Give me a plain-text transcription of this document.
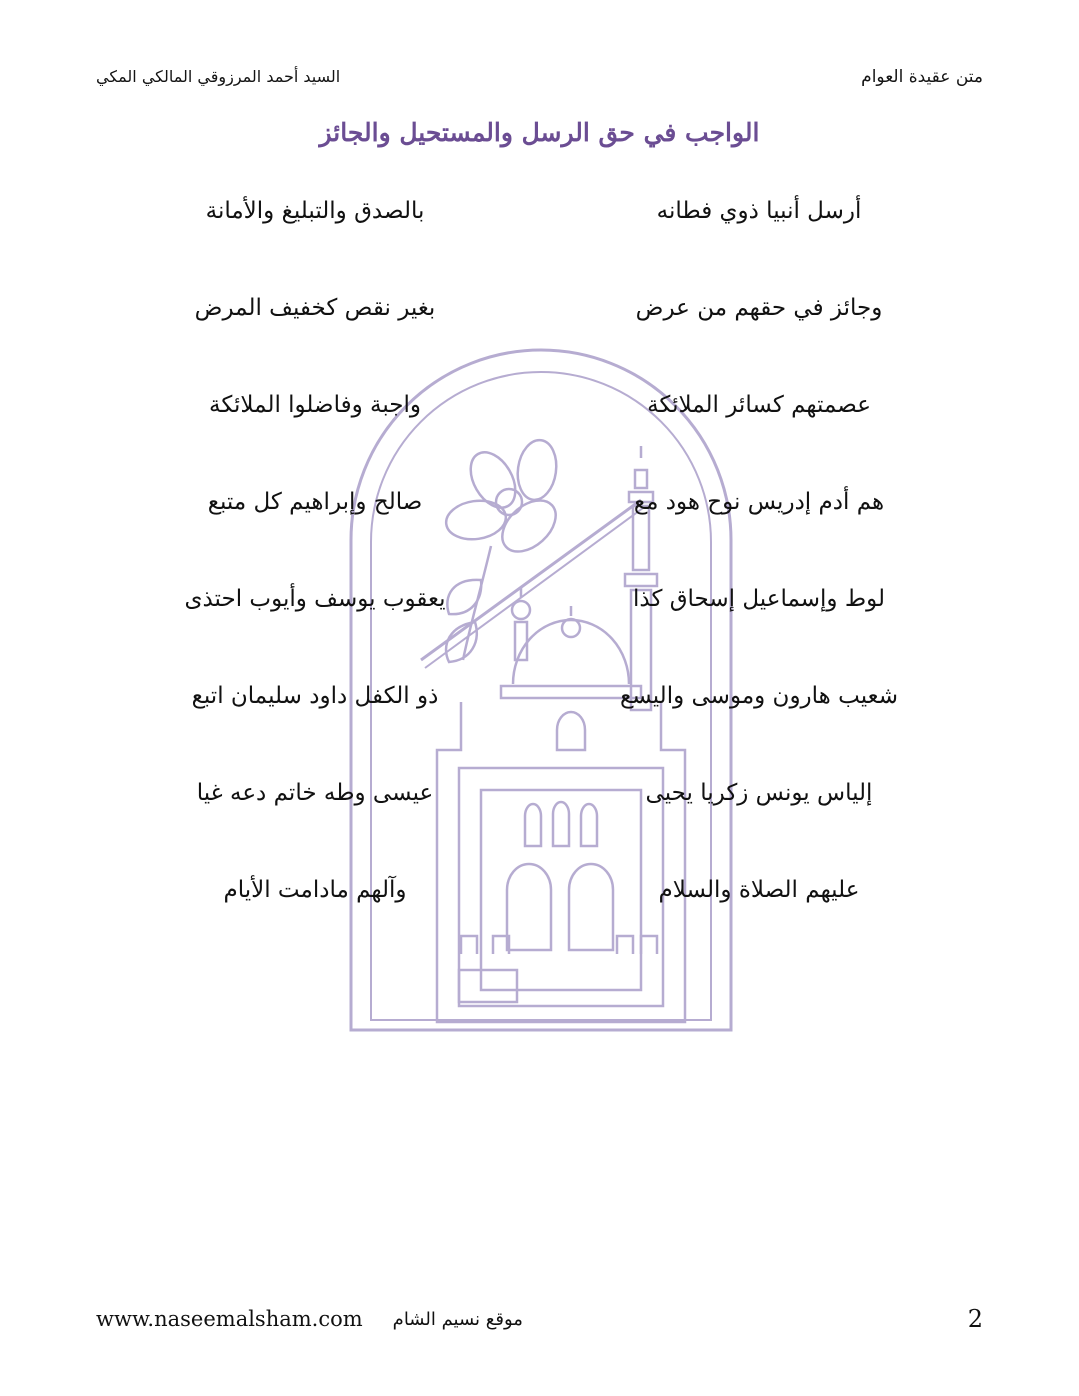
متن عقيدة العوام
السيد أحمد المرزوقي المالكي المكي
الواجب في حق الرسل والمستحيل والجائز
أرسل أنبيا ذوي فطانه
بالصدق والتبليغ والأمانة
وجائز في حقهم من عرض
بغير نقص كخفيف المرض
عصمتهم كسائر الملائكة
واجبة وفاضلوا الملائكة
هم أدم إدريس نوح هود مع
صالح وإبراهيم كل متبع
لوط وإسماعيل إسحاق كذا
يعقوب يوسف وأيوب احتذى
شعيب هارون وموسى واليسع
ذو الكفل داود سليمان اتبع
إلياس يونس زكريا يحيى
عيسى وطه خاتم دعه غيا
عليهم الصلاة والسلام
وآلهم مادامت الأيام
2
موقع نسيم الشام
www.naseemalsham.com
